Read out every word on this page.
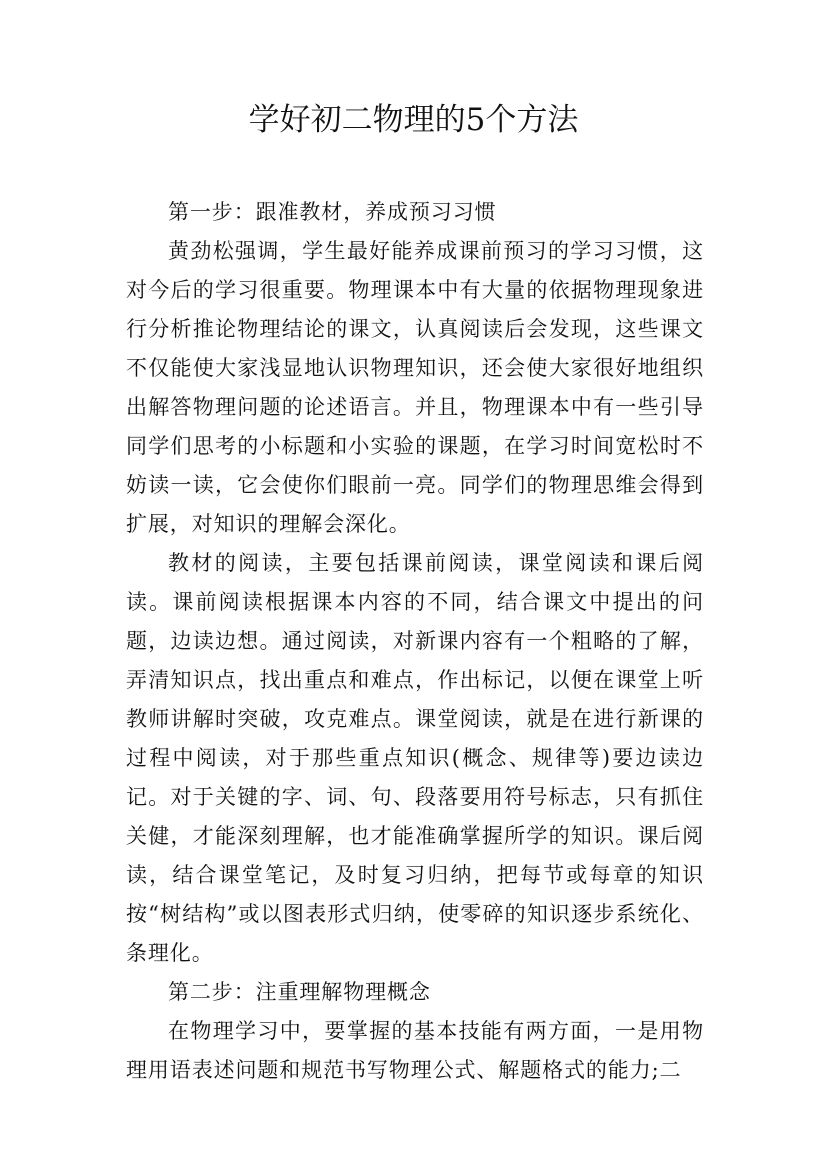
学好初二物理的5个方法

第一步：跟准教材，养成预习习惯

黄劲松强调，学生最好能养成课前预习的学习习惯，这对今后的学习很重要。物理课本中有大量的依据物理现象进行分析推论物理结论的课文，认真阅读后会发现，这些课文不仅能使大家浅显地认识物理知识，还会使大家很好地组织出解答物理问题的论述语言。并且，物理课本中有一些引导同学们思考的小标题和小实验的课题，在学习时间宽松时不妨读一读，它会使你们眼前一亮。同学们的物理思维会得到扩展，对知识的理解会深化。

教材的阅读，主要包括课前阅读，课堂阅读和课后阅读。课前阅读根据课本内容的不同，结合课文中提出的问题，边读边想。通过阅读，对新课内容有一个粗略的了解，弄清知识点，找出重点和难点，作出标记，以便在课堂上听教师讲解时突破，攻克难点。课堂阅读，就是在进行新课的过程中阅读，对于那些重点知识(概念、规律等)要边读边记。对于关键的字、词、句、段落要用符号标志，只有抓住关健，才能深刻理解，也才能准确掌握所学的知识。课后阅读，结合课堂笔记，及时复习归纳，把每节或每章的知识按“树结构”或以图表形式归纳，使零碎的知识逐步系统化、条理化。

第二步：注重理解物理概念

在物理学习中，要掌握的基本技能有两方面，一是用物理用语表述问题和规范书写物理公式、解题格式的能力;二
